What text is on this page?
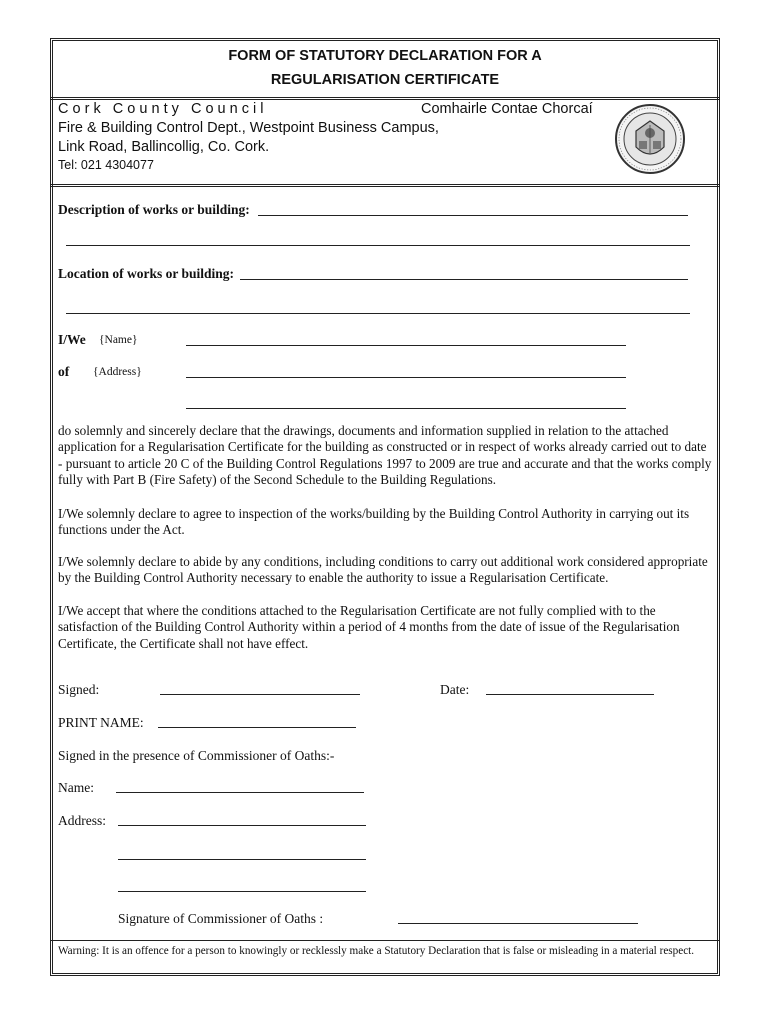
FORM OF STATUTORY DECLARATION FOR A
REGULARISATION CERTIFICATE
C o r k   C o u n t y   C o u n c i l	Comhairle Contae Chorcaí
Fire & Building Control Dept., Westpoint Business Campus,
Link Road, Ballincollig, Co. Cork.
Tel: 021 4304077
Description of works or building:
Location of works or building:
I/We {Name}
of {Address}
do solemnly and sincerely declare that the drawings, documents and information supplied in relation to the attached application for a Regularisation Certificate for the building as constructed or in respect of works already carried out to date - pursuant to article 20 C of the Building Control Regulations 1997 to 2009 are true and accurate and that the works comply fully with Part B (Fire Safety) of the Second Schedule to the Building Regulations.
I/We solemnly declare to agree to inspection of the works/building by the Building Control Authority in carrying out its functions under the Act.
I/We solemnly declare to abide by any conditions, including conditions to carry out additional work considered appropriate by the Building Control Authority necessary to enable the authority to issue a Regularisation Certificate.
I/We accept that where the conditions attached to the Regularisation Certificate are not fully complied with to the satisfaction of the Building Control Authority within a period of 4 months from the date of issue of the Regularisation Certificate, the Certificate shall not have effect.
Signed:	Date:
PRINT NAME:
Signed in the presence of Commissioner of Oaths:-
Name:
Address:
Signature of Commissioner of Oaths :
Warning: It is an offence for a person to knowingly or recklessly make a Statutory Declaration that is false or misleading in a material respect.
